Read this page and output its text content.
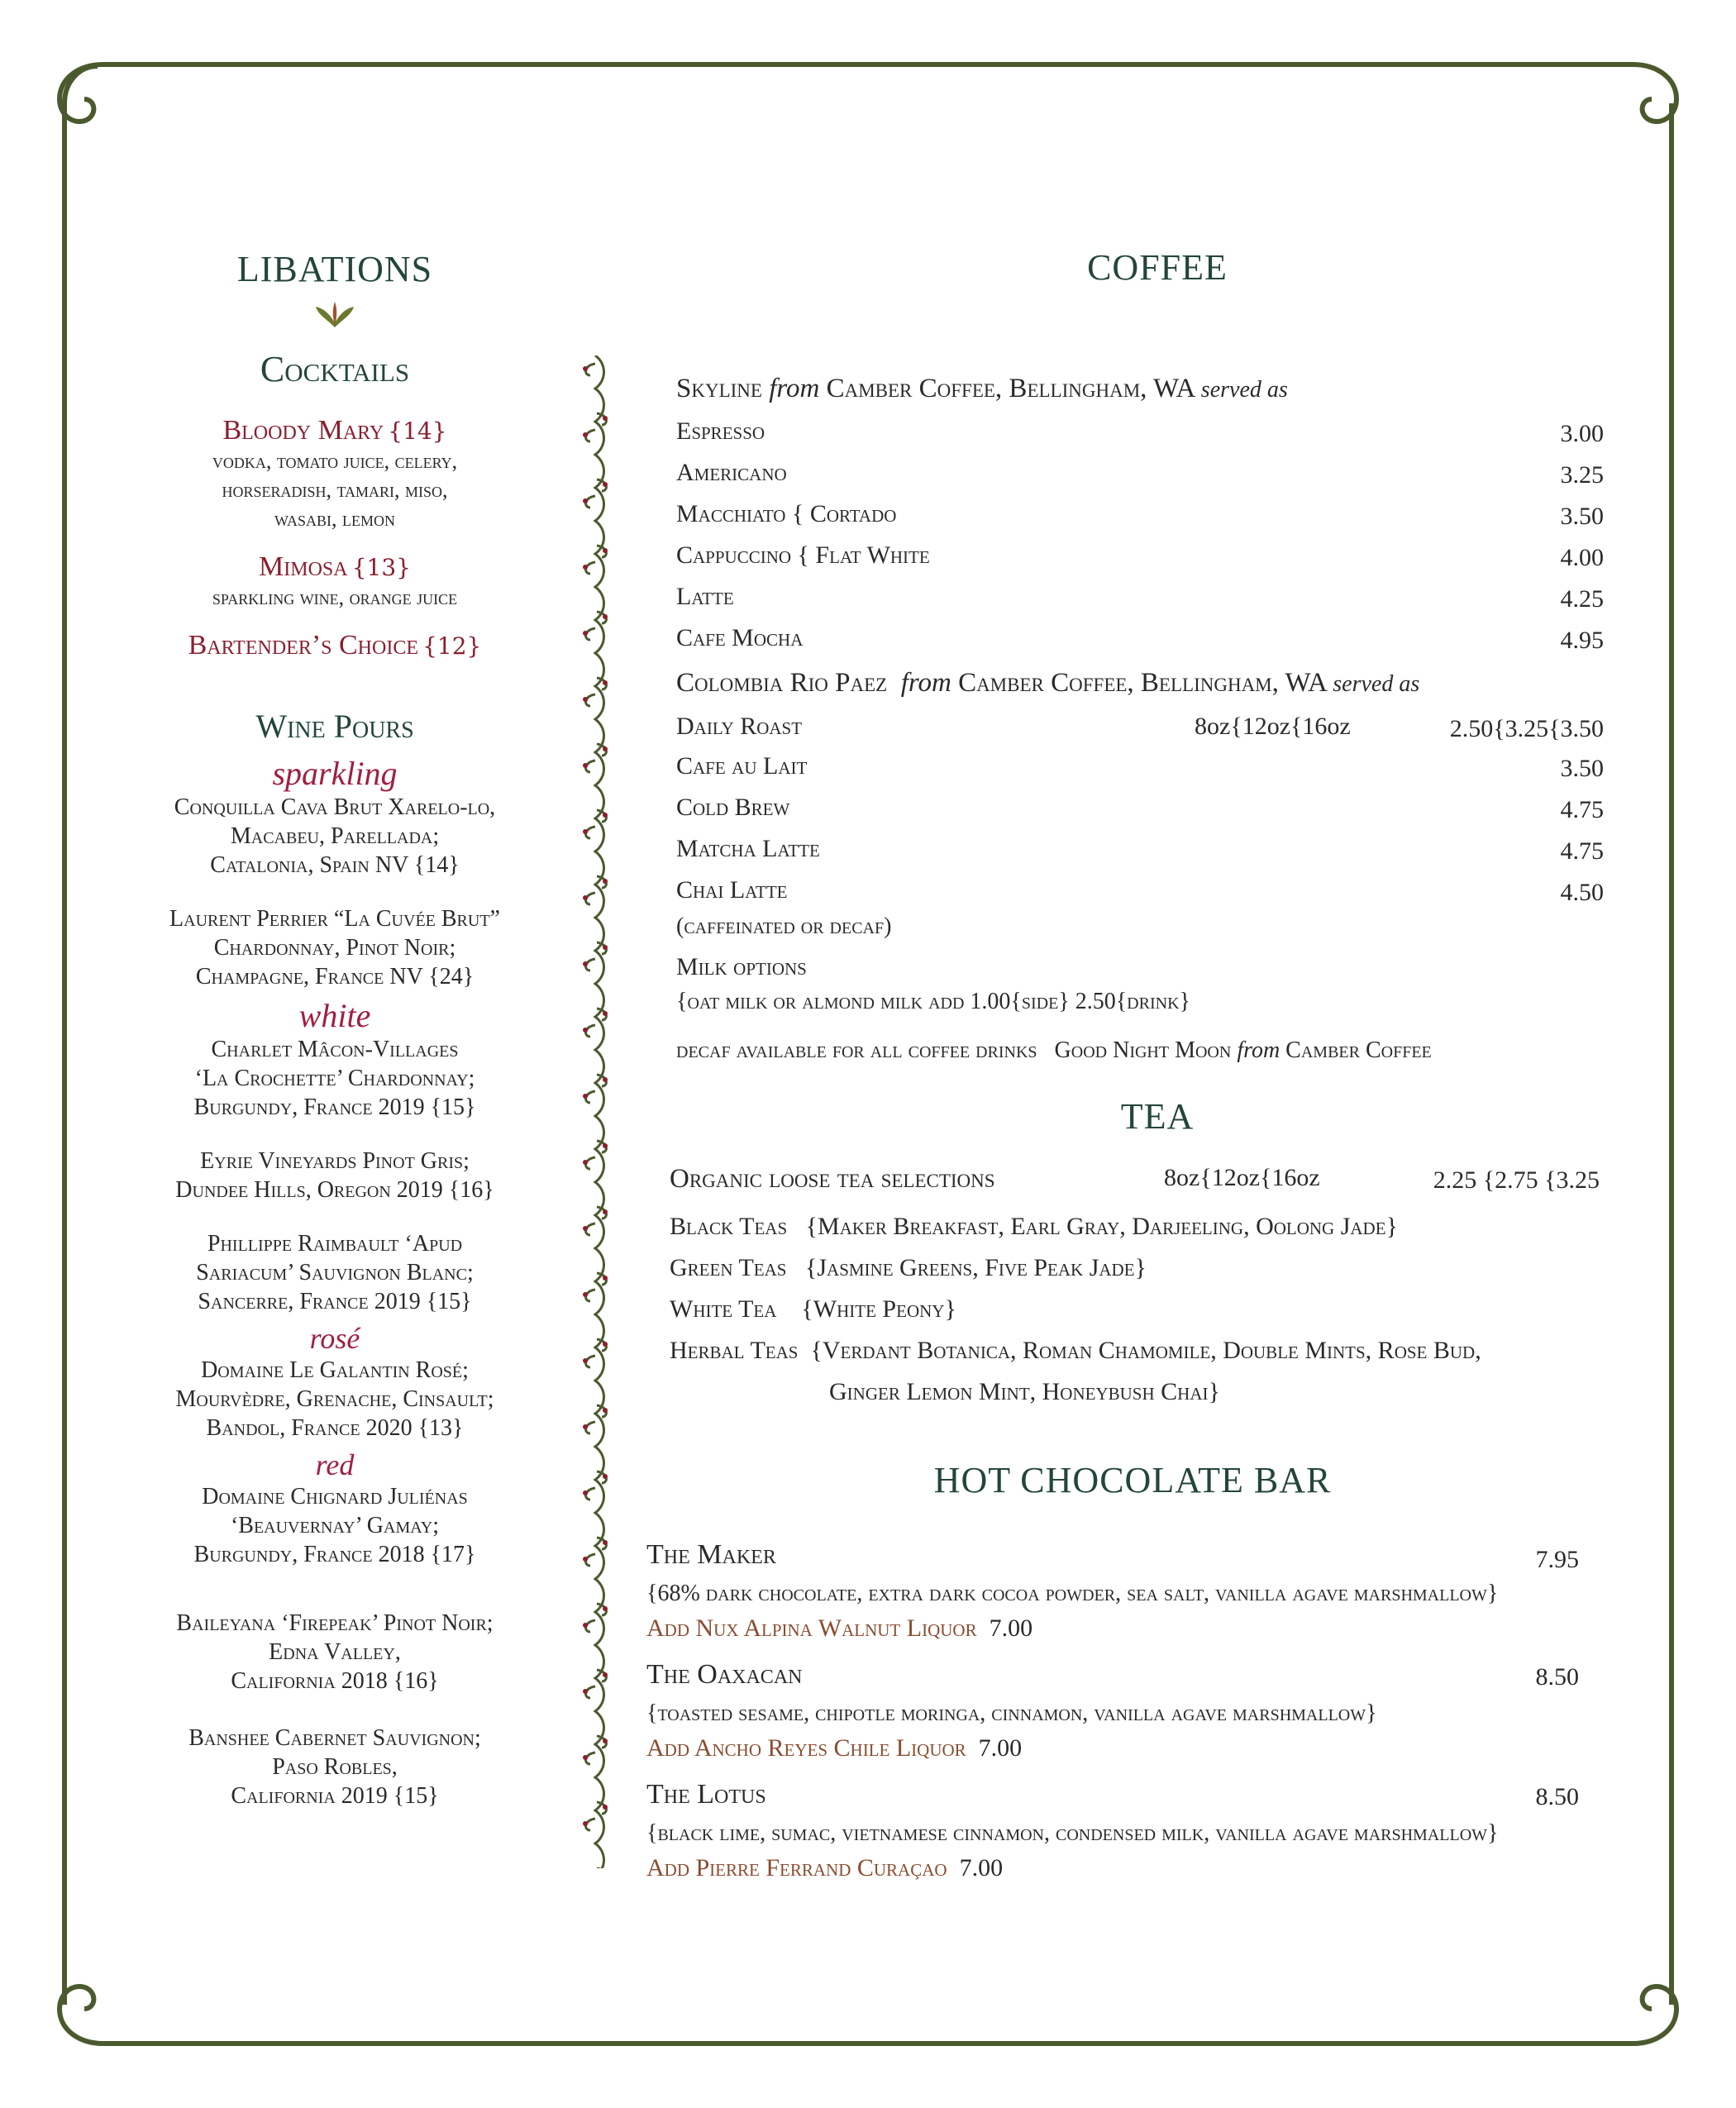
LIBATIONS
Cocktails
Bloody Mary {14}
vodka, tomato juice, celery,
horseradish, tamari, miso,
wasabi, lemon
Mimosa {13}
sparkling wine, orange juice
Bartender’s Choice {12}
Wine Pours
sparkling
Conquilla Cava Brut Xarelo-lo,
Macabeu, Parellada;
Catalonia, Spain NV {14}
Laurent Perrier “La Cuvée Brut”
Chardonnay, Pinot Noir;
Champagne, France NV {24}
white
Charlet Mâcon-Villages
‘La Crochette’ Chardonnay;
Burgundy, France 2019 {15}
Eyrie Vineyards Pinot Gris;
Dundee Hills, Oregon 2019 {16}
Phillippe Raimbault ‘Apud
Sariacum’ Sauvignon Blanc;
Sancerre, France 2019 {15}
rosé
Domaine Le Galantin Rosé;
Mourvèdre, Grenache, Cinsault;
Bandol, France 2020 {13}
red
Domaine Chignard Juliénas
‘Beauvernay’ Gamay;
Burgundy, France 2018 {17}
Baileyana ‘Firepeak’ Pinot Noir;
Edna Valley,
California 2018 {16}
Banshee Cabernet Sauvignon;
Paso Robles,
California 2019 {15}
COFFEE
Skyline from Camber Coffee, Bellingham, WA served as
Espresso	3.00
Americano	3.25
Macchiato { Cortado	3.50
Cappuccino { Flat White	4.00
Latte	4.25
Cafe Mocha	4.95
Colombia Rio Paez from Camber Coffee, Bellingham, WA served as
Daily Roast	8oz{12oz{16oz	2.50{3.25{3.50
Cafe au Lait	3.50
Cold Brew	4.75
Matcha Latte	4.75
Chai Latte	4.50
(caffeinated or decaf)
Milk options
{oat milk or almond milk add 1.00{side} 2.50{drink}
decaf available for all coffee drinks Good Night Moon from Camber Coffee
TEA
Organic loose tea selections	8oz{12oz{16oz	2.25 {2.75 {3.25
Black Teas {Maker Breakfast, Earl Gray, Darjeeling, Oolong Jade}
Green Teas {Jasmine Greens, Five Peak Jade}
White Tea {White Peony}
Herbal Teas {Verdant Botanica, Roman Chamomile, Double Mints, Rose Bud,
Ginger Lemon Mint, Honeybush Chai}
HOT CHOCOLATE BAR
The Maker	7.95
{68% dark chocolate, extra dark cocoa powder, sea salt, vanilla agave marshmallow}
Add Nux Alpina Walnut Liquor 7.00
The Oaxacan	8.50
{toasted sesame, chipotle moringa, cinnamon, vanilla agave marshmallow}
Add Ancho Reyes Chile Liquor 7.00
The Lotus	8.50
{black lime, sumac, vietnamese cinnamon, condensed milk, vanilla agave marshmallow}
Add Pierre Ferrand Curaçao 7.00
